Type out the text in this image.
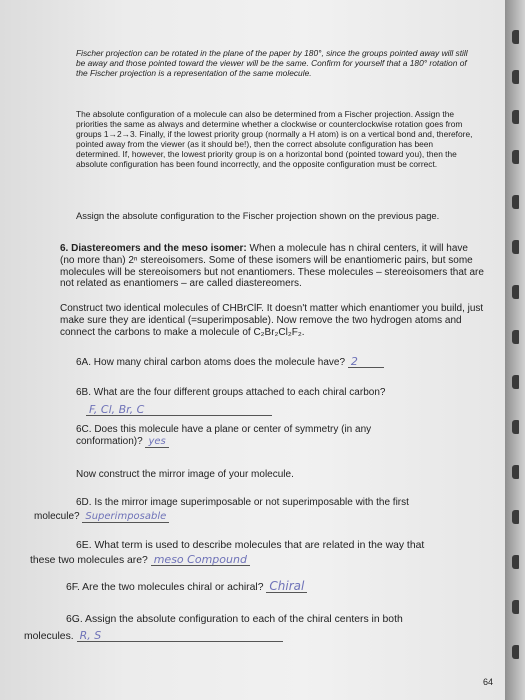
Fischer projection can be rotated in the plane of the paper by 180°, since the groups pointed away will still be away and those pointed toward the viewer will be the same. Confirm for yourself that a 180° rotation of the Fischer projection is a representation of the same molecule.

The absolute configuration of a molecule can also be determined from a Fischer projection. Assign the priorities the same as always and determine whether a clockwise or counterclockwise rotation goes from groups 1→2→3. Finally, if the lowest priority group (normally a H atom) is on a vertical bond and, therefore, pointed away from the viewer (as it should be!), then the correct absolute configuration has been determined. If, however, the lowest priority group is on a horizontal bond (pointed toward you), then the absolute configuration has been found incorrectly, and the opposite configuration must be correct.

Assign the absolute configuration to the Fischer projection shown on the previous page.

6. Diastereomers and the meso isomer: When a molecule has n chiral centers, it will have (no more than) 2ⁿ stereoisomers. Some of these isomers will be enantiomeric pairs, but some molecules will be stereoisomers but not enantiomers. These molecules – stereoisomers that are not related as enantiomers – are called diastereomers.

Construct two identical molecules of CHBrClF. It doesn't matter which enantiomer you build, just make sure they are identical (=superimposable). Now remove the two hydrogen atoms and connect the carbons to make a molecule of C₂Br₂Cl₂F₂.

6A. How many chiral carbon atoms does the molecule have? 2
6B. What are the four different groups attached to each chiral carbon?
F, Cl, Br, C
6C. Does this molecule have a plane or center of symmetry (in any
conformation)? yes

Now construct the mirror image of your molecule.

6D. Is the mirror image superimposable or not superimposable with the first
molecule? Superimposable
6E. What term is used to describe molecules that are related in the way that
these two molecules are? meso Compound
6F. Are the two molecules chiral or achiral? Chiral
6G. Assign the absolute configuration to each of the chiral centers in both
molecules. R, S
64
